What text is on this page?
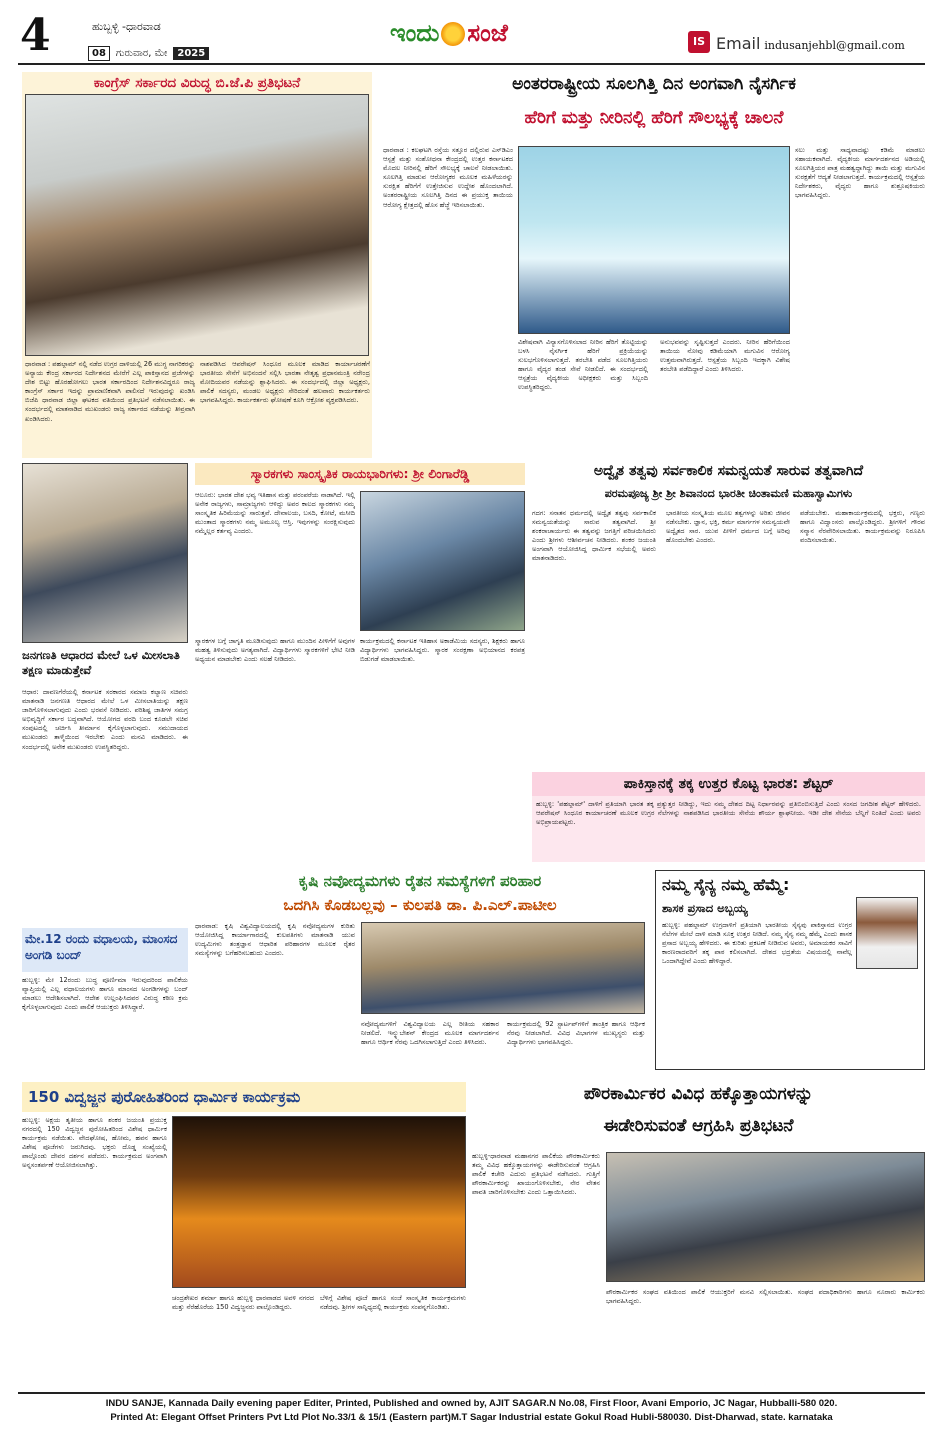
4	ಹುಬ್ಬಳ್ಳಿ -ಧಾರವಾಡ
08	ಗುರುವಾರ, ಮೇ	2025
ಇಂದು ಸಂಜೆ	IS Email indusanjehbl@gmail.com
ಕಾಂಗ್ರೆಸ್ ಸರ್ಕಾರದ ವಿರುದ್ಧ ಬಿ.ಜೆ.ಪಿ ಪ್ರತಿಭಟನೆ
ಧಾರವಾಡ : ಪಹಲ್ಗಾಮ್ ನಲ್ಲಿ ನಡೆದ ಉಗ್ರರ ದಾಳಿಯಲ್ಲಿ 26 ಮುಗ್ಧ ನಾಗರಿಕರನ್ನು ಅನ್ಯಾಯ ಕೇಂದ್ರ ಸರ್ಕಾರದ ನಿರ್ದೇಶನದ ಮೇರೆಗೆ ಎಲ್ಲ ಪಾಕಿಸ್ತಾನದ ಪ್ರಜೆಗಳನ್ನು ದೇಶ ಬಿಟ್ಟು ಹೊರಹೋಗಲು ಭಾರತ ಸರ್ಕಾರದಿಂದ ನಿರ್ದೇಶನವಿದ್ದರೂ ರಾಜ್ಯ ಕಾಂಗ್ರೆಸ್ ಸರ್ಕಾರ ಇದನ್ನು ಪ್ರಾಮಾಣಿಕವಾಗಿ ಪಾಲಿಸದೆ ಇರುವುದನ್ನು ಖಂಡಿಸಿ ಬಿಜೆಪಿ ಧಾರವಾಡ ಜಿಲ್ಲಾ ಘಟಕದ ವತಿಯಿಂದ ಪ್ರತಿಭಟನೆ ನಡೆಸಲಾಯಿತು. ಈ ಸಂದರ್ಭದಲ್ಲಿ ಮಾತನಾಡಿದ ಮುಖಂಡರು ರಾಜ್ಯ ಸರ್ಕಾರದ ನಡೆಯನ್ನು ತೀವ್ರವಾಗಿ ಖಂಡಿಸಿದರು.
ನಾಶಪಡಿಸಿದ ಆಪರೇಷನ್ ಸಿಂಧೂರ ಮೂಲಕ ಮಾಡಿದ ಕಾರ್ಯಾಚರಣೆಗೆ ಭಾರತೀಯ ಸೇನೆಗೆ ಅಭಿನಂದನೆ ಸಲ್ಲಿಸಿ ಭಾರತಾ ನೇತೃತ್ವ ಪ್ರಧಾನಮಂತ್ರಿ ನರೇಂದ್ರ ಮೋದಿಯವರ ನಡೆಯನ್ನು ಶ್ಲಾಘಿಸಿದರು. ಈ ಸಂದರ್ಭದಲ್ಲಿ ಜಿಲ್ಲಾ ಅಧ್ಯಕ್ಷರು, ಪಾಲಿಕೆ ಸದಸ್ಯರು, ಮಂಡಲ ಅಧ್ಯಕ್ಷರು ಸೇರಿದಂತೆ ಹಲವಾರು ಕಾರ್ಯಕರ್ತರು ಭಾಗವಹಿಸಿದ್ದರು. ಕಾರ್ಯಕರ್ತರು ಘೋಷಣೆ ಕೂಗಿ ಆಕ್ರೋಶ ವ್ಯಕ್ತಪಡಿಸಿದರು.
ಅಂತರರಾಷ್ಟ್ರೀಯ ಸೂಲಗಿತ್ತಿ ದಿನ ಅಂಗವಾಗಿ ನೈಸರ್ಗಿಕ
ಹೆರಿಗೆ ಮತ್ತು ನೀರಿನಲ್ಲಿ ಹೆರಿಗೆ ಸೌಲಭ್ಯಕ್ಕೆ ಚಾಲನೆ
ಧಾರವಾಡ : ಕಲಘಟಗಿ ರಸ್ತೆಯ ಸತ್ತೂರ ದಲ್ಲಿರುವ ಎಸ್‌ಡಿಎಂ ಆಸ್ಪತ್ರೆ ಮತ್ತು ಸಂಶೋಧನಾ ಕೇಂದ್ರದಲ್ಲಿ ಉತ್ತರ ಕರ್ನಾಟಕದ ಮೊದಲ ನೀರಿನಲ್ಲಿ ಹೆರಿಗೆ ಸೌಲಭ್ಯಕ್ಕೆ ಚಾಲನೆ ನೀಡಲಾಯಿತು. ಸೂಲಗಿತ್ತಿ ಮಾಡುವ ಆರೋಗ್ಯಕರ ಮೂಲಕ ಮಹಿಳೆಯರನ್ನು ಸುರಕ್ಷಿತ ಹೆರಿಗೆಗೆ ಉತ್ತೇಜಿಸುವ ಉದ್ದೇಶ ಹೊಂದಲಾಗಿದೆ. ಅಂತರರಾಷ್ಟ್ರೀಯ ಸೂಲಗಿತ್ತಿ ದಿನದ ಈ ಪ್ರಯುಕ್ತ ತಾಯಿಯ ಆರೋಗ್ಯ ಕ್ಷೇತ್ರದಲ್ಲಿ ಹೊಸ ಹೆಜ್ಜೆ ಇರಿಸಲಾಯಿತು.
ವಿಶೇಷವಾಗಿ ವಿನ್ಯಾಸಗೊಳಿಸಲಾದ ನೀರಿನ ಹೆರಿಗೆ ತೊಟ್ಟಿಯನ್ನು ಬಳಸಿ ನೈಸರ್ಗಿಕ ಹೆರಿಗೆ ಪ್ರಕ್ರಿಯೆಯನ್ನು ಸುಲಭಗೊಳಿಸಲಾಗುತ್ತದೆ. ತರಬೇತಿ ಪಡೆದ ಸೂಲಗಿತ್ತಿಯರು ಹಾಗೂ ವೈದ್ಯರ ತಂಡ ಸೇವೆ ನೀಡಲಿದೆ. ಈ ಸಂದರ್ಭದಲ್ಲಿ ಆಸ್ಪತ್ರೆಯ ವೈದ್ಯಕೀಯ ಅಧೀಕ್ಷಕರು ಮತ್ತು ಸಿಬ್ಬಂದಿ ಉಪಸ್ಥಿತರಿದ್ದರು.
ಅನುಭವವನ್ನು ಸೃಷ್ಟಿಸುತ್ತದೆ ಎಂದರು. ನೀರಿನ ಹೆರಿಗೆಯಿಂದ ತಾಯಿಯ ನೋವು ಕಡಿಮೆಯಾಗಿ ಮಗುವಿನ ಆರೋಗ್ಯ ಉತ್ತಮವಾಗಿರುತ್ತದೆ. ಆಸ್ಪತ್ರೆಯ ಸಿಬ್ಬಂದಿ ಇದಕ್ಕಾಗಿ ವಿಶೇಷ ತರಬೇತಿ ಪಡೆದಿದ್ದಾರೆ ಎಂದು ತಿಳಿಸಿದರು.
ಸಲು ಮತ್ತು ಸಾಧ್ಯವಾದಷ್ಟು ಕಡಿಮೆ ಮಾಡಲು ಸಹಾಯಕವಾಗಿದೆ. ವೈದ್ಯಕೀಯ ಮಾರ್ಗದರ್ಶನದ ಅಡಿಯಲ್ಲಿ ಸೂಲಗಿತ್ತಿಯರ ಪಾತ್ರ ಮಹತ್ವದ್ದಾಗಿದ್ದು ತಾಯಿ ಮತ್ತು ಮಗುವಿನ ಸುರಕ್ಷತೆಗೆ ಆದ್ಯತೆ ನೀಡಲಾಗುತ್ತದೆ. ಕಾರ್ಯಕ್ರಮದಲ್ಲಿ ಆಸ್ಪತ್ರೆಯ ನಿರ್ದೇಶಕರು, ವೈದ್ಯರು ಹಾಗೂ ಶುಶ್ರೂಷಕಿಯರು ಭಾಗವಹಿಸಿದ್ದರು.
ಸ್ಮಾರಕಗಳು ಸಾಂಸ್ಕೃತಿಕ ರಾಯಭಾರಿಗಳು: ಶ್ರೀ ಲಿಂಗಾರೆಡ್ಡಿ
ಆಲೂರು: ಭಾರತ ದೇಶ ಭವ್ಯ ಇತಿಹಾಸ ಮತ್ತು ಪರಂಪರೆಯ ನಾಡಾಗಿದೆ. ಇಲ್ಲಿ ಅನೇಕ ರಾಜ್ಯಗಳು, ಸಾಮ್ರಾಜ್ಯಗಳು ಆಳಿದ್ದು ಅವರ ಕಾಲದ ಸ್ಮಾರಕಗಳು ನಮ್ಮ ಸಾಂಸ್ಕೃತಿಕ ಹಿರಿಮೆಯನ್ನು ಸಾರುತ್ತವೆ. ದೇವಾಲಯ, ಬಸದಿ, ಕೋಟೆ, ಮಸೀದಿ ಮುಂತಾದ ಸ್ಮಾರಕಗಳು ನಮ್ಮ ಅಮೂಲ್ಯ ಆಸ್ತಿ. ಇವುಗಳನ್ನು ಸಂರಕ್ಷಿಸುವುದು ನಮ್ಮೆಲ್ಲರ ಕರ್ತವ್ಯ ಎಂದರು.
ಸ್ಮಾರಕಗಳ ಬಗ್ಗೆ ಜಾಗೃತಿ ಮೂಡಿಸುವುದು ಹಾಗೂ ಮುಂದಿನ ಪೀಳಿಗೆಗೆ ಅವುಗಳ ಮಹತ್ವ ತಿಳಿಸುವುದು ಅಗತ್ಯವಾಗಿದೆ. ವಿದ್ಯಾರ್ಥಿಗಳು ಸ್ಮಾರಕಗಳಿಗೆ ಭೇಟಿ ನೀಡಿ ಅಧ್ಯಯನ ಮಾಡಬೇಕು ಎಂದು ಸಲಹೆ ನೀಡಿದರು.
ಕಾರ್ಯಕ್ರಮದಲ್ಲಿ ಕರ್ನಾಟಕ ಇತಿಹಾಸ ಅಕಾಡೆಮಿಯ ಸದಸ್ಯರು, ಶಿಕ್ಷಕರು ಹಾಗೂ ವಿದ್ಯಾರ್ಥಿಗಳು ಭಾಗವಹಿಸಿದ್ದರು. ಸ್ಮಾರಕ ಸಂರಕ್ಷಣಾ ಅಭಿಯಾನದ ಕರಪತ್ರ ಬಿಡುಗಡೆ ಮಾಡಲಾಯಿತು.
ಜನಗಣತಿ ಆಧಾರದ ಮೇಲೆ ಒಳ ಮೀಸಲಾತಿ ತಕ್ಷಣ ಮಾಡುತ್ತೇವೆ
ಆಧಾರ: ದಾವಣಗೆರೆಯಲ್ಲಿ ಕರ್ನಾಟಕ ಸರಕಾರದ ಸಮಾಜ ಕಲ್ಯಾಣ ಸಚಿವರು ಮಾತನಾಡಿ ಜನಗಣತಿ ಆಧಾರದ ಮೇಲೆ ಒಳ ಮೀಸಲಾತಿಯನ್ನು ತಕ್ಷಣ ಜಾರಿಗೊಳಿಸಲಾಗುವುದು ಎಂದು ಭರವಸೆ ನೀಡಿದರು. ಪರಿಶಿಷ್ಟ ಜಾತಿಗಳ ಸಮಗ್ರ ಅಭಿವೃದ್ಧಿಗೆ ಸರ್ಕಾರ ಬದ್ಧವಾಗಿದೆ. ಆಯೋಗದ ವರದಿ ಬಂದ ಕೂಡಲೇ ಸಚಿವ ಸಂಪುಟದಲ್ಲಿ ಚರ್ಚಿಸಿ ತೀರ್ಮಾನ ಕೈಗೊಳ್ಳಲಾಗುವುದು. ಸಮುದಾಯದ ಮುಖಂಡರು ತಾಳ್ಮೆಯಿಂದ ಇರಬೇಕು ಎಂದು ಮನವಿ ಮಾಡಿದರು. ಈ ಸಂದರ್ಭದಲ್ಲಿ ಅನೇಕ ಮುಖಂಡರು ಉಪಸ್ಥಿತರಿದ್ದರು.
ಅದ್ವೈತ ತತ್ವವು ಸರ್ವಕಾಲಿಕ ಸಮನ್ವಯತೆ ಸಾರುವ ತತ್ವವಾಗಿದೆ
ಪರಮಪೂಜ್ಯ ಶ್ರೀ ಶ್ರೀ ಶಿವಾನಂದ ಭಾರತೀ ಚಿಂತಾಮಣಿ ಮಹಾಸ್ವಾಮಿಗಳು
ಗದಗ: ಸನಾತನ ಧರ್ಮದಲ್ಲಿ ಅದ್ವೈತ ತತ್ವವು ಸರ್ವಕಾಲಿಕ ಸಮನ್ವಯತೆಯನ್ನು ಸಾರುವ ತತ್ವವಾಗಿದೆ. ಶ್ರೀ ಶಂಕರಾಚಾರ್ಯರು ಈ ತತ್ವವನ್ನು ಜಗತ್ತಿಗೆ ಪರಿಚಯಿಸಿದರು ಎಂದು ಶ್ರೀಗಳು ಆಶೀರ್ವಚನ ನೀಡಿದರು. ಶಂಕರ ಜಯಂತಿ ಅಂಗವಾಗಿ ಆಯೋಜಿಸಿದ್ದ ಧಾರ್ಮಿಕ ಸಭೆಯಲ್ಲಿ ಅವರು ಮಾತನಾಡಿದರು.
ಭಾರತೀಯ ಸಂಸ್ಕೃತಿಯ ಮೂಲ ತತ್ವಗಳನ್ನು ಅರಿತು ಜೀವನ ನಡೆಸಬೇಕು. ಜ್ಞಾನ, ಭಕ್ತಿ, ಕರ್ಮ ಮಾರ್ಗಗಳ ಸಮನ್ವಯವೇ ಅದ್ವೈತದ ಸಾರ. ಯುವ ಪೀಳಿಗೆ ಧರ್ಮದ ಬಗ್ಗೆ ಅರಿವು ಹೊಂದಬೇಕು ಎಂದರು.
ಪಡೆಯಬೇಕು. ಮಹಾಕಾರ್ಯಕ್ರಮದಲ್ಲಿ ಭಕ್ತರು, ಗಣ್ಯರು ಹಾಗೂ ವಿದ್ವಾಂಸರು ಪಾಲ್ಗೊಂಡಿದ್ದರು. ಶ್ರೀಗಳಿಗೆ ಗೌರವ ಸನ್ಮಾನ ನೆರವೇರಿಸಲಾಯಿತು. ಕಾರ್ಯಕ್ರಮವನ್ನು ನಿರೂಪಿಸಿ ವಂದಿಸಲಾಯಿತು.
ಪಾಕಿಸ್ತಾನಕ್ಕೆ ತಕ್ಕ ಉತ್ತರ ಕೊಟ್ಟ ಭಾರತ: ಶೆಟ್ಟರ್
ಹುಬ್ಬಳ್ಳಿ: 'ಪಹಲ್ಗಾಮ್' ದಾಳಿಗೆ ಪ್ರತಿಯಾಗಿ ಭಾರತ ತಕ್ಕ ಪ್ರತ್ಯುತ್ತರ ನೀಡಿದ್ದು, ಇದು ನಮ್ಮ ದೇಶದ ದಿಟ್ಟ ನಿರ್ಧಾರವನ್ನು ಪ್ರತಿಬಿಂಬಿಸುತ್ತಿದೆ ಎಂದು ಸಂಸದ ಜಗದೀಶ ಶೆಟ್ಟರ್ ಹೇಳಿದರು. ಆಪರೇಷನ್ ಸಿಂಧೂರ ಕಾರ್ಯಾಚರಣೆ ಮೂಲಕ ಉಗ್ರರ ನೆಲೆಗಳನ್ನು ನಾಶಪಡಿಸಿದ ಭಾರತೀಯ ಸೇನೆಯ ಶೌರ್ಯ ಶ್ಲಾಘನೀಯ. ಇಡೀ ದೇಶ ಸೇನೆಯ ಬೆನ್ನಿಗೆ ನಿಂತಿದೆ ಎಂದು ಅವರು ಅಭಿಪ್ರಾಯಪಟ್ಟರು.
ಕೃಷಿ ನವೋದ್ಯಮಗಳು ರೈತನ ಸಮಸ್ಯೆಗಳಿಗೆ ಪರಿಹಾರ
ಒದಗಿಸಿ ಕೊಡಬಲ್ಲವು – ಕುಲಪತಿ ಡಾ. ಪಿ.ಎಲ್.ಪಾಟೀಲ
ಧಾರವಾಡ: ಕೃಷಿ ವಿಶ್ವವಿದ್ಯಾಲಯದಲ್ಲಿ ಕೃಷಿ ನವೋದ್ಯಮಗಳ ಕುರಿತು ಆಯೋಜಿಸಿದ್ದ ಕಾರ್ಯಾಗಾರದಲ್ಲಿ ಕುಲಪತಿಗಳು ಮಾತನಾಡಿ ಯುವ ಉದ್ಯಮಿಗಳು ತಂತ್ರಜ್ಞಾನ ಆಧಾರಿತ ಪರಿಹಾರಗಳ ಮೂಲಕ ರೈತರ ಸಮಸ್ಯೆಗಳನ್ನು ಬಗೆಹರಿಸಬಹುದು ಎಂದರು.
ನವೋದ್ಯಮಗಳಿಗೆ ವಿಶ್ವವಿದ್ಯಾಲಯ ಎಲ್ಲ ರೀತಿಯ ಸಹಕಾರ ನೀಡಲಿದೆ. ಇನ್ಕ್ಯುಬೇಶನ್ ಕೇಂದ್ರದ ಮೂಲಕ ಮಾರ್ಗದರ್ಶನ ಹಾಗೂ ಆರ್ಥಿಕ ನೆರವು ಒದಗಿಸಲಾಗುತ್ತಿದೆ ಎಂದು ತಿಳಿಸಿದರು.
ಕಾರ್ಯಕ್ರಮದಲ್ಲಿ 92 ಸ್ಟಾರ್ಟಪ್‌ಗಳಿಗೆ ತಾಂತ್ರಿಕ ಹಾಗೂ ಆರ್ಥಿಕ ನೆರವು ನೀಡಲಾಗಿದೆ. ವಿವಿಧ ವಿಭಾಗಗಳ ಮುಖ್ಯಸ್ಥರು ಮತ್ತು ವಿದ್ಯಾರ್ಥಿಗಳು ಭಾಗವಹಿಸಿದ್ದರು.
ಮೇ.12 ರಂದು ವಧಾಲಯ, ಮಾಂಸದ ಅಂಗಡಿ ಬಂದ್
ಹುಬ್ಬಳ್ಳಿ: ಮೇ 12ರಂದು ಬುದ್ಧ ಪೂರ್ಣಿಮಾ ಇರುವುದರಿಂದ ಪಾಲಿಕೆಯ ವ್ಯಾಪ್ತಿಯಲ್ಲಿ ಎಲ್ಲ ವಧಾಲಯಗಳು ಹಾಗೂ ಮಾಂಸದ ಅಂಗಡಿಗಳನ್ನು ಬಂದ್ ಮಾಡಲು ಆದೇಶಿಸಲಾಗಿದೆ. ಆದೇಶ ಉಲ್ಲಂಘಿಸಿದವರ ವಿರುದ್ಧ ಕಠಿಣ ಕ್ರಮ ಕೈಗೊಳ್ಳಲಾಗುವುದು ಎಂದು ಪಾಲಿಕೆ ಆಯುಕ್ತರು ತಿಳಿಸಿದ್ದಾರೆ.
ನಮ್ಮ ಸೈನ್ಯ ನಮ್ಮ ಹೆಮ್ಮೆ:
ಶಾಸಕ ಪ್ರಸಾದ ಅಬ್ಬಯ್ಯ
ಹುಬ್ಬಳ್ಳಿ: ಪಹಲ್ಗಾಮ್ ಉಗ್ರದಾಳಿಗೆ ಪ್ರತಿಯಾಗಿ ಭಾರತೀಯ ಸೈನ್ಯವು ಪಾಕಿಸ್ತಾನದ ಉಗ್ರರ ನೆಲೆಗಳ ಮೇಲೆ ದಾಳಿ ಮಾಡಿ ಸೂಕ್ತ ಉತ್ತರ ನೀಡಿದೆ. ನಮ್ಮ ಸೈನ್ಯ ನಮ್ಮ ಹೆಮ್ಮೆ ಎಂದು ಶಾಸಕ ಪ್ರಸಾದ ಅಬ್ಬಯ್ಯ ಹೇಳಿದರು. ಈ ಕುರಿತು ಪ್ರಕಟಣೆ ನೀಡಿರುವ ಅವರು, ಅಮಾಯಕರ ಸಾವಿಗೆ ಕಾರಣರಾದವರಿಗೆ ತಕ್ಕ ಪಾಠ ಕಲಿಸಲಾಗಿದೆ. ದೇಶದ ಭದ್ರತೆಯ ವಿಷಯದಲ್ಲಿ ನಾವೆಲ್ಲ ಒಂದಾಗಿದ್ದೇವೆ ಎಂದು ಹೇಳಿದ್ದಾರೆ.
150 ವಿದ್ವಜ್ಜನ ಪುರೋಹಿತರಿಂದ ಧಾರ್ಮಿಕ ಕಾರ್ಯಕ್ರಮ
ಹುಬ್ಬಳ್ಳಿ: ಅಕ್ಷಯ ತೃತೀಯ ಹಾಗೂ ಶಂಕರ ಜಯಂತಿ ಪ್ರಯುಕ್ತ ನಗರದಲ್ಲಿ 150 ವಿದ್ವಜ್ಜನ ಪುರೋಹಿತರಿಂದ ವಿಶೇಷ ಧಾರ್ಮಿಕ ಕಾರ್ಯಕ್ರಮ ನಡೆಯಿತು. ವೇದಘೋಷ, ಹೋಮ, ಹವನ ಹಾಗೂ ವಿಶೇಷ ಪೂಜೆಗಳು ಜರುಗಿದವು. ಭಕ್ತರು ದೊಡ್ಡ ಸಂಖ್ಯೆಯಲ್ಲಿ ಪಾಲ್ಗೊಂಡು ದೇವರ ದರ್ಶನ ಪಡೆದರು. ಕಾರ್ಯಕ್ರಮದ ಅಂಗವಾಗಿ ಅನ್ನಸಂತರ್ಪಣೆ ಆಯೋಜಿಸಲಾಗಿತ್ತು.
ಚಂದ್ರಶೇಖರ ಶರ್ಮಾ ಹಾಗೂ ಹುಬ್ಬಳ್ಳಿ ಧಾರವಾಡದ ಅವಳಿ ನಗರದ ಮತ್ತು ನೆರೆಹೊರೆಯ 150 ವಿದ್ವಜ್ಜನರು ಪಾಲ್ಗೊಂಡಿದ್ದರು.
ಬೆಳಿಗ್ಗೆ ವಿಶೇಷ ಪೂಜೆ ಹಾಗೂ ಸಂಜೆ ಸಾಂಸ್ಕೃತಿಕ ಕಾರ್ಯಕ್ರಮಗಳು ನಡೆದವು. ಶ್ರೀಗಳ ಸಾನ್ನಿಧ್ಯದಲ್ಲಿ ಕಾರ್ಯಕ್ರಮ ಸಂಪನ್ನಗೊಂಡಿತು.
ಪೌರಕಾರ್ಮಿಕರ ವಿವಿಧ ಹಕ್ಕೊತ್ತಾಯಗಳನ್ನು
ಈಡೇರಿಸುವಂತೆ ಆಗ್ರಹಿಸಿ ಪ್ರತಿಭಟನೆ
ಹುಬ್ಬಳ್ಳಿ-ಧಾರವಾಡ ಮಹಾನಗರ ಪಾಲಿಕೆಯ ಪೌರಕಾರ್ಮಿಕರು ತಮ್ಮ ವಿವಿಧ ಹಕ್ಕೊತ್ತಾಯಗಳನ್ನು ಈಡೇರಿಸುವಂತೆ ಆಗ್ರಹಿಸಿ ಪಾಲಿಕೆ ಕಚೇರಿ ಎದುರು ಪ್ರತಿಭಟನೆ ನಡೆಸಿದರು. ಗುತ್ತಿಗೆ ಪೌರಕಾರ್ಮಿಕರನ್ನು ಖಾಯಂಗೊಳಿಸಬೇಕು, ನೇರ ವೇತನ ಪಾವತಿ ಜಾರಿಗೊಳಿಸಬೇಕು ಎಂದು ಒತ್ತಾಯಿಸಿದರು.
ಪೌರಕಾರ್ಮಿಕರ ಸಂಘದ ವತಿಯಿಂದ ಪಾಲಿಕೆ ಆಯುಕ್ತರಿಗೆ ಮನವಿ ಸಲ್ಲಿಸಲಾಯಿತು. ಸಂಘದ ಪದಾಧಿಕಾರಿಗಳು ಹಾಗೂ ನೂರಾರು ಕಾರ್ಮಿಕರು ಭಾಗವಹಿಸಿದ್ದರು.
INDU SANJE, Kannada Daily evening paper Editer, Printed, Published and owned by, AJIT SAGAR.N No.08, First Floor, Avani Emporio, JC Nagar, Hubballi-580 020.
Printed At: Elegant Offset Printers Pvt Ltd Plot No.33/1 & 15/1 (Eastern part)M.T Sagar Industrial estate Gokul Road Hubli-580030. Dist-Dharwad, state. karnataka
